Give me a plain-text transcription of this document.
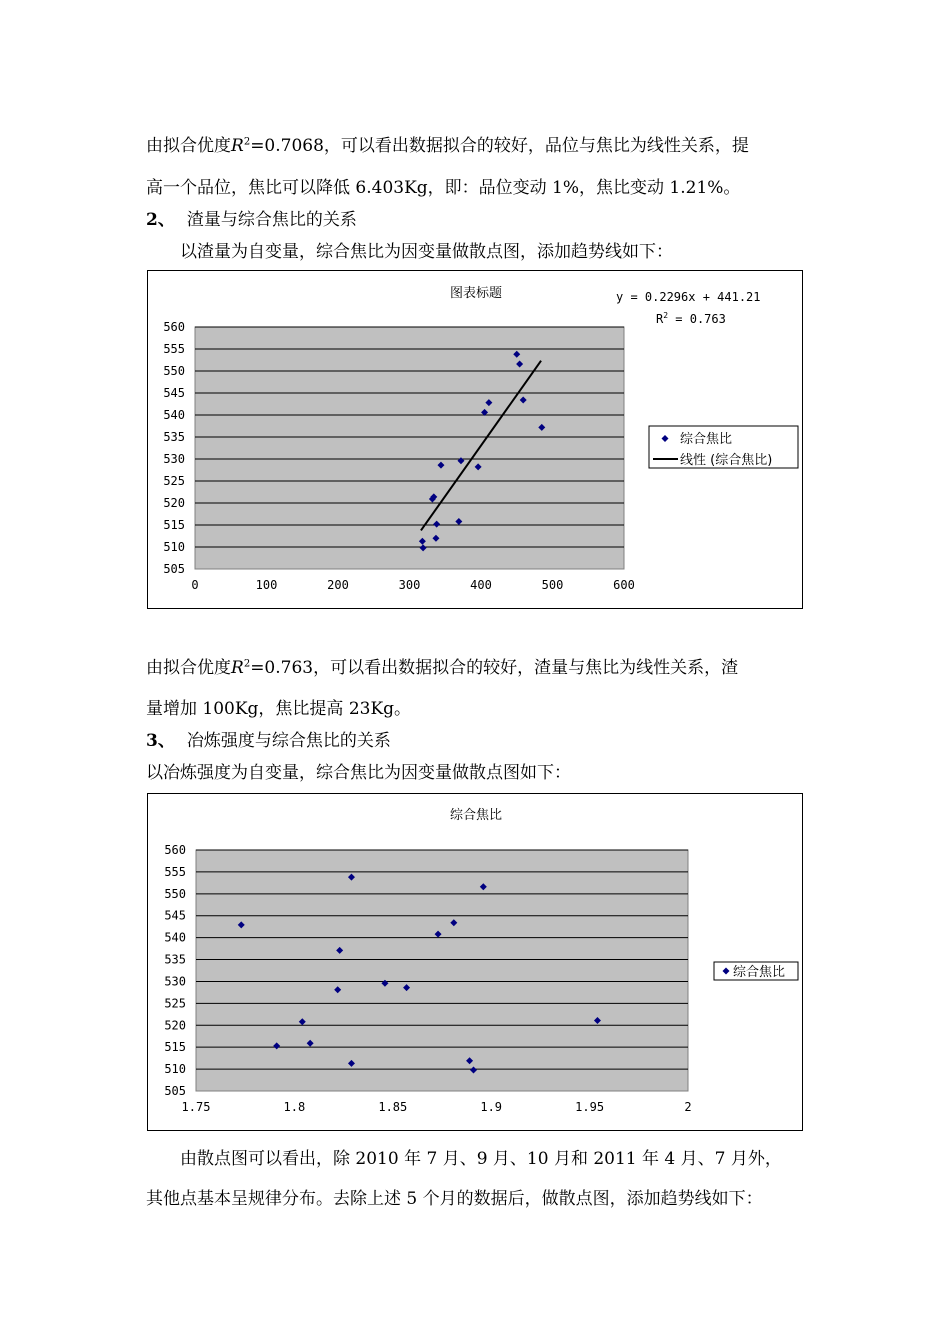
由拟合优度$R^2=0.7068$，可以看出数据拟合的较好，品位与焦比为线性关系，提
高一个品位，焦比可以降低 6.403Kg，即：品位变动 1%，焦比变动 1.21%。
2、 渣量与综合焦比的关系
以渣量为自变量，综合焦比为因变量做散点图，添加趋势线如下：
560
555
550
545
540
535
530
525
520
515
510
505
0	100	200	300	400	500	600
图表标题	y = 0.2296x + 441.21
$R^2 = 0.763$
综合焦比
线性 (综合焦比)
由拟合优度$R^2=0.763$，可以看出数据拟合的较好，渣量与焦比为线性关系，渣
量增加 100Kg，焦比提高 23Kg。
3、 冶炼强度与综合焦比的关系
以冶炼强度为自变量，综合焦比为因变量做散点图如下：
560
555
550
545
540
535
530
525
520
515
510
505
1.75	1.8	1.85	1.9	1.95	2
综合焦比
综合焦比
由散点图可以看出，除 2010 年 7 月、9 月、10 月和 2011 年 4 月、7 月外，
其他点基本呈规律分布。去除上述 5 个月的数据后，做散点图，添加趋势线如下：
